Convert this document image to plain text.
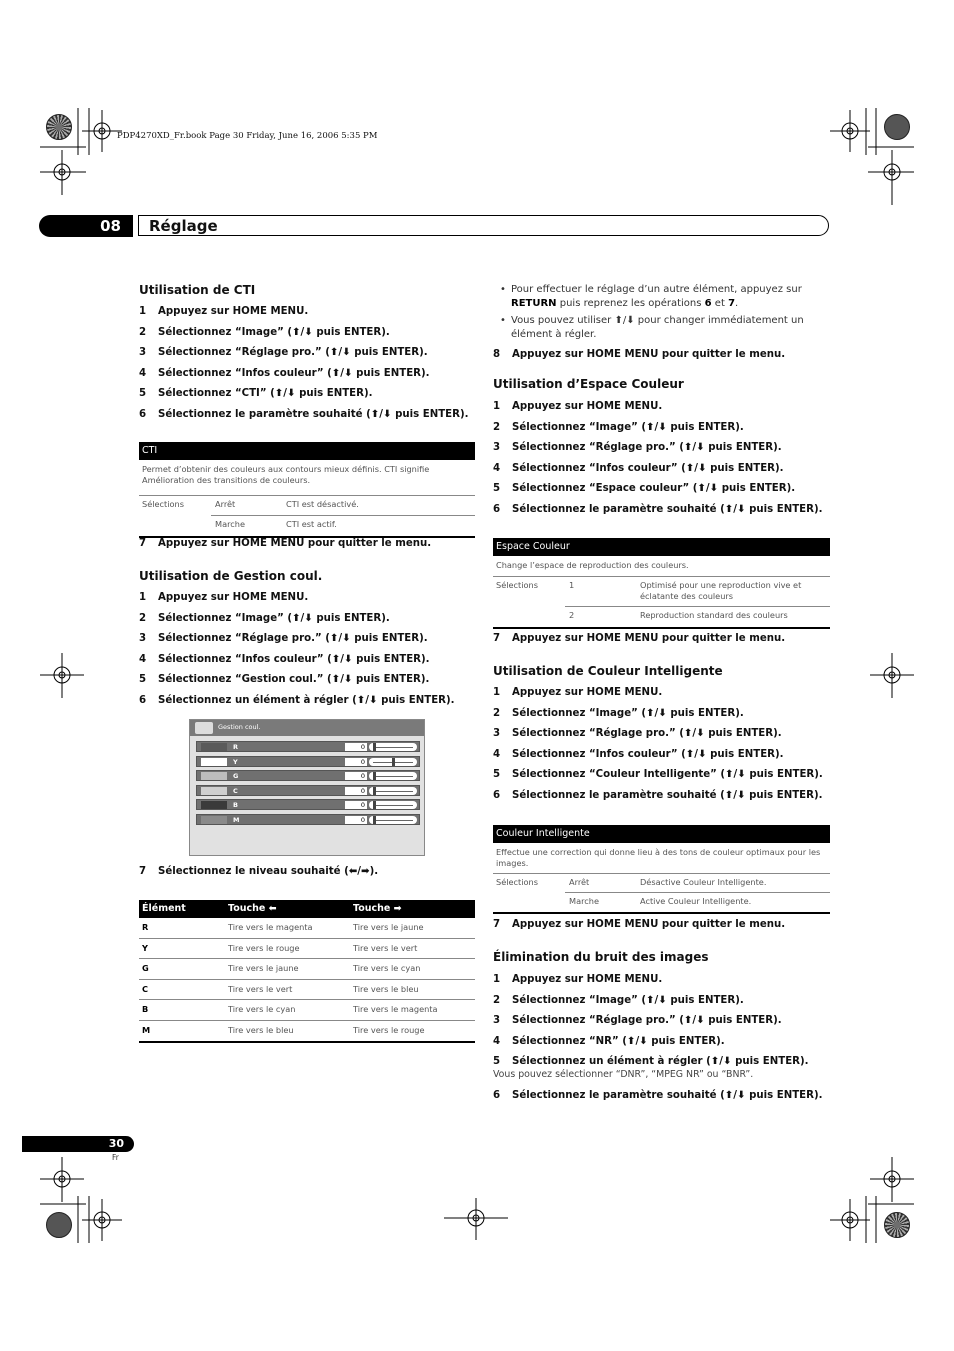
PDP4270XD_Fr.book Page 30 Friday, June 16, 2006 5:35 PM
08	Réglage
Utilisation de CTI
1 Appuyez sur HOME MENU.
2 Sélectionnez “Image” (⬆/⬇ puis ENTER).
3 Sélectionnez “Réglage pro.” (⬆/⬇ puis ENTER).
4 Sélectionnez “Infos couleur” (⬆/⬇ puis ENTER).
5 Sélectionnez “CTI” (⬆/⬇ puis ENTER).
6 Sélectionnez le paramètre souhaité (⬆/⬇ puis ENTER).
CTI
Permet d’obtenir des couleurs aux contours mieux définis. CTI signifie Amélioration des transitions de couleurs.
Sélections	Arrêt	CTI est désactivé.
Marche	CTI est actif.
7 Appuyez sur HOME MENU pour quitter le menu.
Utilisation de Gestion coul.
1 Appuyez sur HOME MENU.
2 Sélectionnez “Image” (⬆/⬇ puis ENTER).
3 Sélectionnez “Réglage pro.” (⬆/⬇ puis ENTER).
4 Sélectionnez “Infos couleur” (⬆/⬇ puis ENTER).
5 Sélectionnez “Gestion coul.” (⬆/⬇ puis ENTER).
6 Sélectionnez un élément à régler (⬆/⬇ puis ENTER).
Gestion coul.
R	0
Y	0
G	0
C	0
B	0
M	0
7 Sélectionnez le niveau souhaité (⬅/➡).
Élément	Touche ⬅	Touche ➡
R	Tire vers le magenta	Tire vers le jaune
Y	Tire vers le rouge	Tire vers le vert
G	Tire vers le jaune	Tire vers le cyan
C	Tire vers le vert	Tire vers le bleu
B	Tire vers le cyan	Tire vers le magenta
M	Tire vers le bleu	Tire vers le rouge
• Pour effectuer le réglage d’un autre élément, appuyez sur RETURN puis reprenez les opérations 6 et 7.
• Vous pouvez utiliser ⬆/⬇ pour changer immédiatement un élément à régler.
8 Appuyez sur HOME MENU pour quitter le menu.
Utilisation d’Espace Couleur
1 Appuyez sur HOME MENU.
2 Sélectionnez “Image” (⬆/⬇ puis ENTER).
3 Sélectionnez “Réglage pro.” (⬆/⬇ puis ENTER).
4 Sélectionnez “Infos couleur” (⬆/⬇ puis ENTER).
5 Sélectionnez “Espace couleur” (⬆/⬇ puis ENTER).
6 Sélectionnez le paramètre souhaité (⬆/⬇ puis ENTER).
Espace Couleur
Change l’espace de reproduction des couleurs.
Sélections	1	Optimisé pour une reproduction vive et éclatante des couleurs
2	Reproduction standard des couleurs
7 Appuyez sur HOME MENU pour quitter le menu.
Utilisation de Couleur Intelligente
1 Appuyez sur HOME MENU.
2 Sélectionnez “Image” (⬆/⬇ puis ENTER).
3 Sélectionnez “Réglage pro.” (⬆/⬇ puis ENTER).
4 Sélectionnez “Infos couleur” (⬆/⬇ puis ENTER).
5 Sélectionnez “Couleur Intelligente” (⬆/⬇ puis ENTER).
6 Sélectionnez le paramètre souhaité (⬆/⬇ puis ENTER).
Couleur Intelligente
Effectue une correction qui donne lieu à des tons de couleur optimaux pour les images.
Sélections	Arrêt	Désactive Couleur Intelligente.
Marche	Active Couleur Intelligente.
7 Appuyez sur HOME MENU pour quitter le menu.
Élimination du bruit des images
1 Appuyez sur HOME MENU.
2 Sélectionnez “Image” (⬆/⬇ puis ENTER).
3 Sélectionnez “Réglage pro.” (⬆/⬇ puis ENTER).
4 Sélectionnez “NR” (⬆/⬇ puis ENTER).
5 Sélectionnez un élément à régler (⬆/⬇ puis ENTER).
Vous pouvez sélectionner “DNR”, “MPEG NR” ou “BNR”.
6 Sélectionnez le paramètre souhaité (⬆/⬇ puis ENTER).
30
Fr
